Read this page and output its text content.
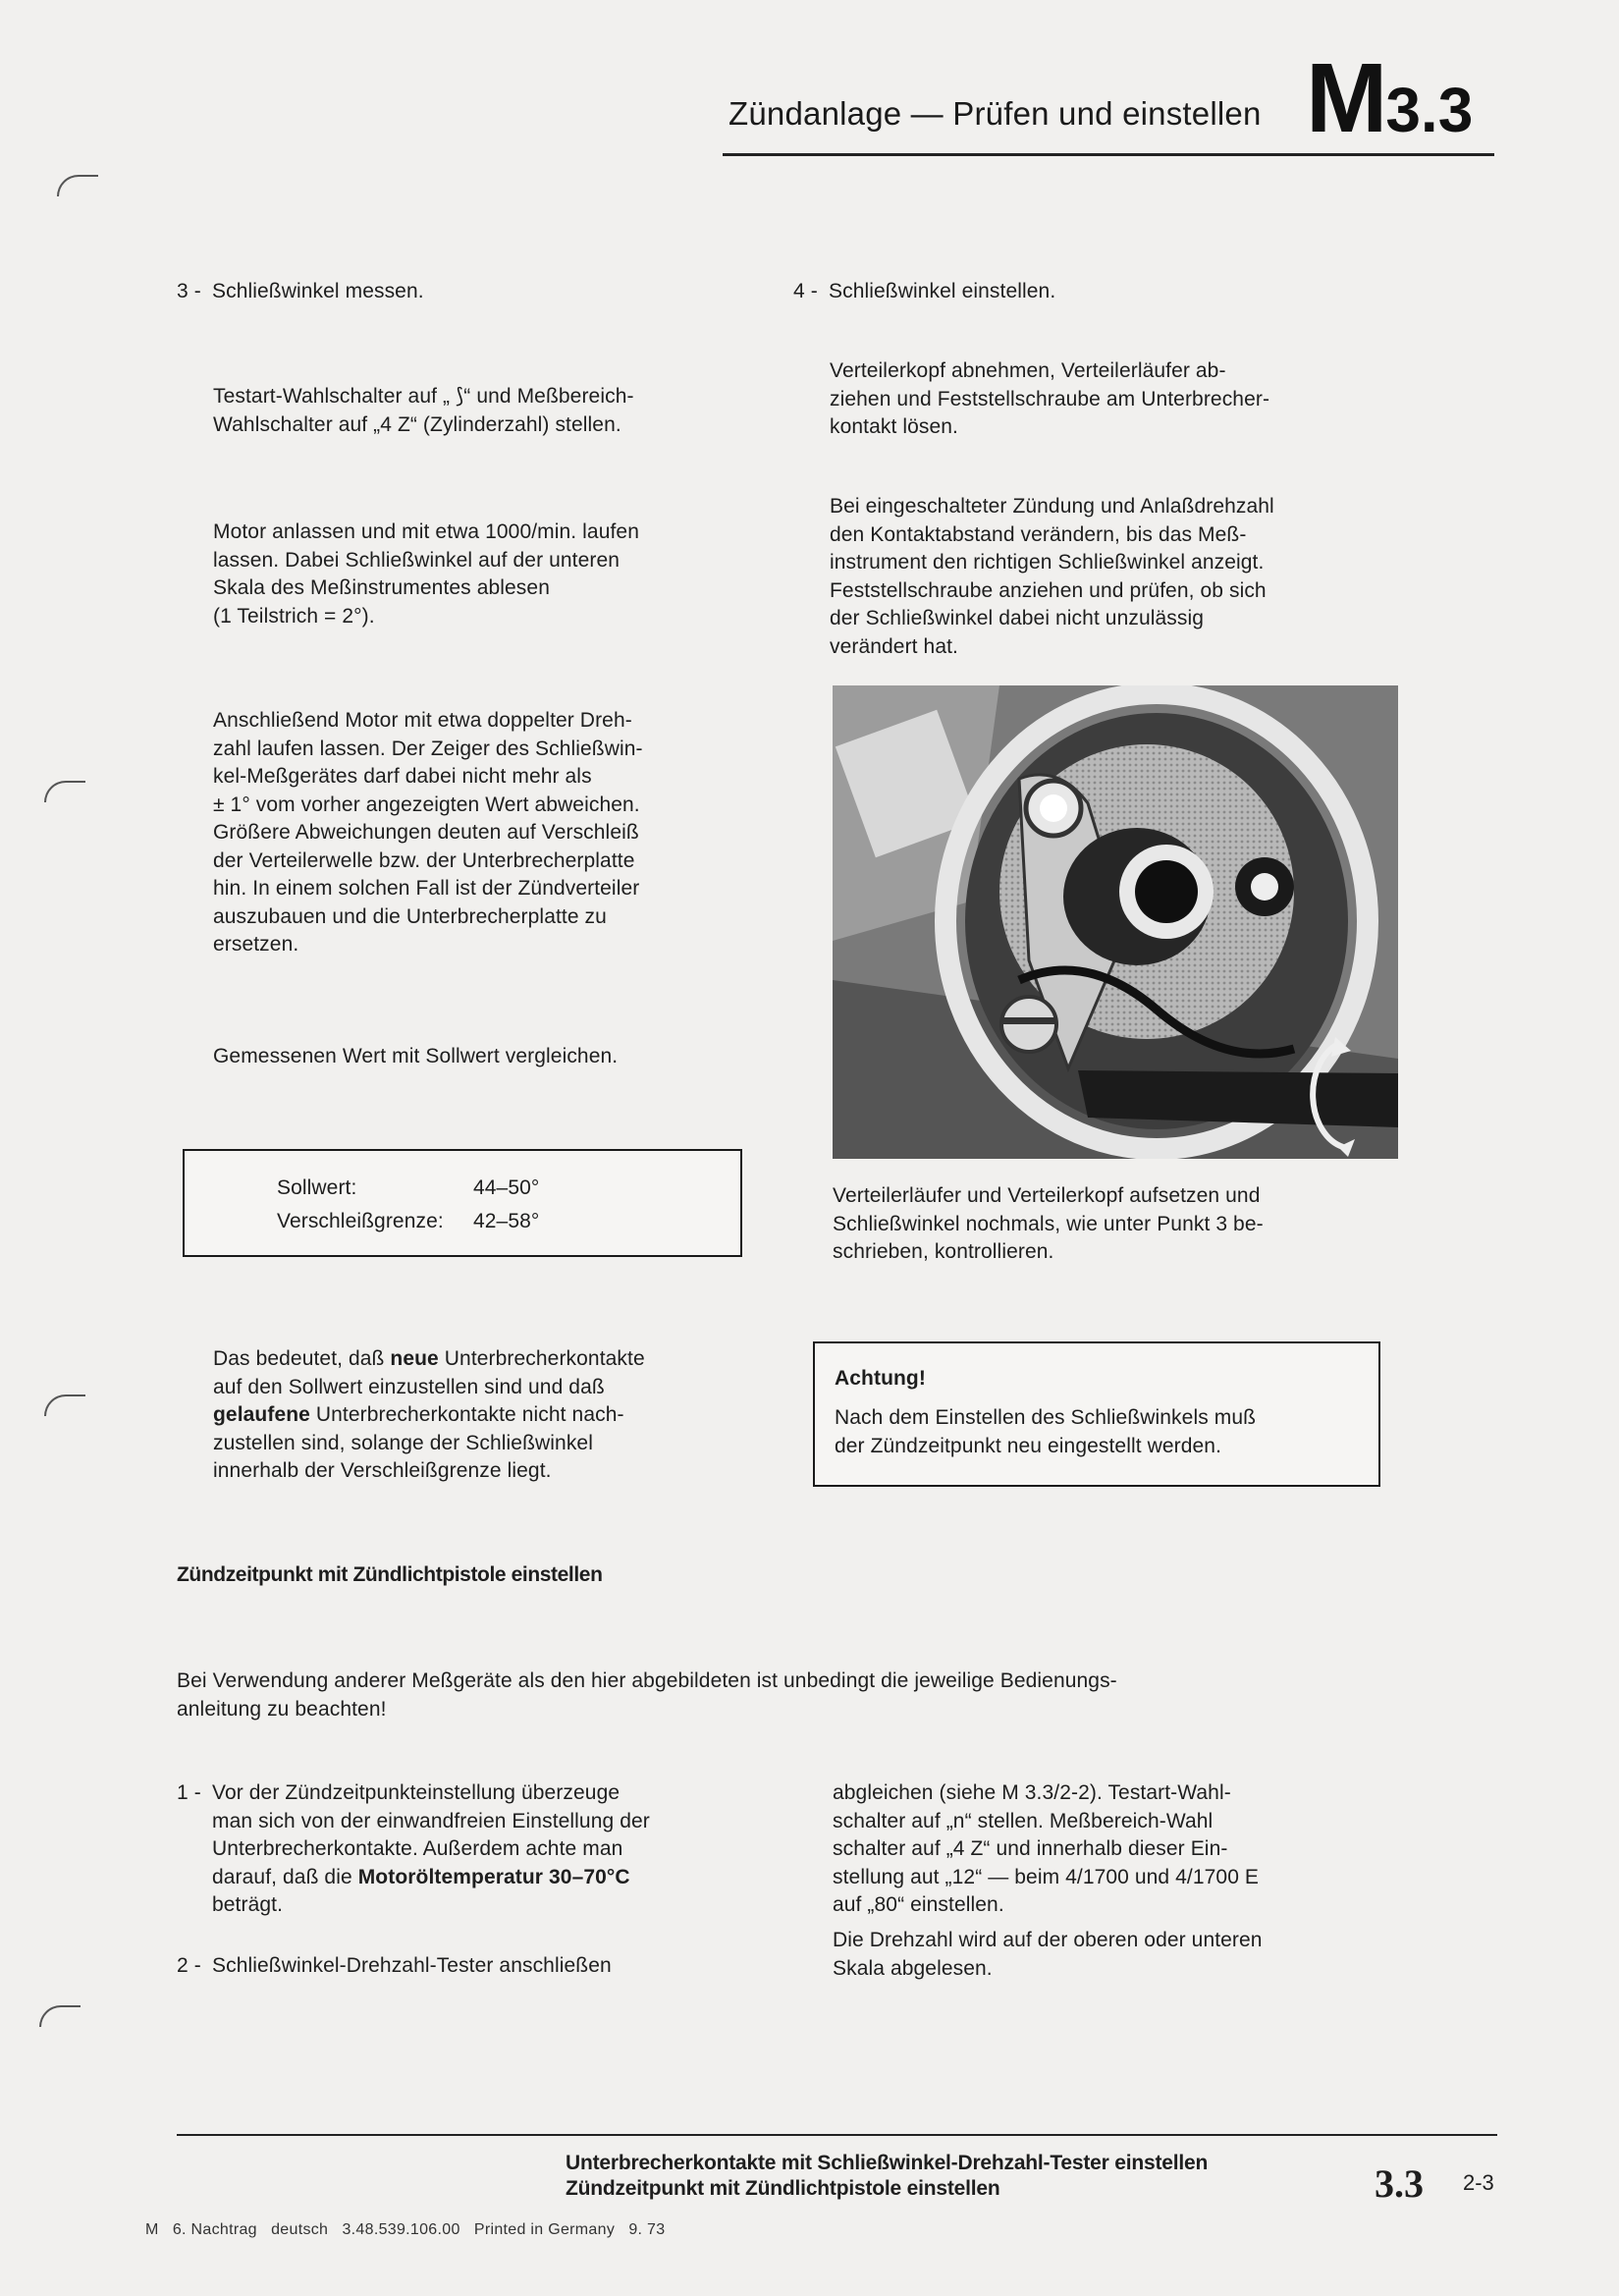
Zündanlage — Prüfen und einstellen M3.3
3 - Schließwinkel messen.
Testart-Wahlschalter auf „ ⟆“ und Meßbereich-
Wahlschalter auf „4 Z“ (Zylinderzahl) stellen.
Motor anlassen und mit etwa 1000/min. laufen
lassen. Dabei Schließwinkel auf der unteren
Skala des Meßinstrumentes ablesen
(1 Teilstrich = 2°).
Anschließend Motor mit etwa doppelter Dreh-
zahl laufen lassen. Der Zeiger des Schließwin-
kel-Meßgerätes darf dabei nicht mehr als
± 1° vom vorher angezeigten Wert abweichen.
Größere Abweichungen deuten auf Verschleiß
der Verteilerwelle bzw. der Unterbrecherplatte
hin. In einem solchen Fall ist der Zündverteiler
auszubauen und die Unterbrecherplatte zu
ersetzen.
Gemessenen Wert mit Sollwert vergleichen.
Sollwert:	44–50°
Verschleißgrenze: 42–58°
Das bedeutet, daß neue Unterbrecherkontakte
auf den Sollwert einzustellen sind und daß
gelaufene Unterbrecherkontakte nicht nach-
zustellen sind, solange der Schließwinkel
innerhalb der Verschleißgrenze liegt.
4 - Schließwinkel einstellen.
Verteilerkopf abnehmen, Verteilerläufer ab-
ziehen und Feststellschraube am Unterbrecher-
kontakt lösen.
Bei eingeschalteter Zündung und Anlaßdrehzahl
den Kontaktabstand verändern, bis das Meß-
instrument den richtigen Schließwinkel anzeigt.
Feststellschraube anziehen und prüfen, ob sich
der Schließwinkel dabei nicht unzulässig
verändert hat.
Verteilerläufer und Verteilerkopf aufsetzen und
Schließwinkel nochmals, wie unter Punkt 3 be-
schrieben, kontrollieren.
Achtung!
Nach dem Einstellen des Schließwinkels muß
der Zündzeitpunkt neu eingestellt werden.
Zündzeitpunkt mit Zündlichtpistole einstellen
Bei Verwendung anderer Meßgeräte als den hier abgebildeten ist unbedingt die jeweilige Bedienungs-
anleitung zu beachten!
1 - Vor der Zündzeitpunkteinstellung überzeuge
man sich von der einwandfreien Einstellung der
Unterbrecherkontakte. Außerdem achte man
darauf, daß die Motoröltemperatur 30–70°C
beträgt.
2 - Schließwinkel-Drehzahl-Tester anschließen
abgleichen (siehe M 3.3/2-2). Testart-Wahl-
schalter auf „n“ stellen. Meßbereich-Wahl
schalter auf „4 Z“ und innerhalb dieser Ein-
stellung aut „12“ — beim 4/1700 und 4/1700 E
auf „80“ einstellen.
Die Drehzahl wird auf der oberen oder unteren
Skala abgelesen.
Unterbrecherkontakte mit Schließwinkel-Drehzahl-Tester einstellen
Zündzeitpunkt mit Zündlichtpistole einstellen	3.3 2-3
M   6. Nachtrag   deutsch   3.48.539.106.00   Printed in Germany   9. 73
